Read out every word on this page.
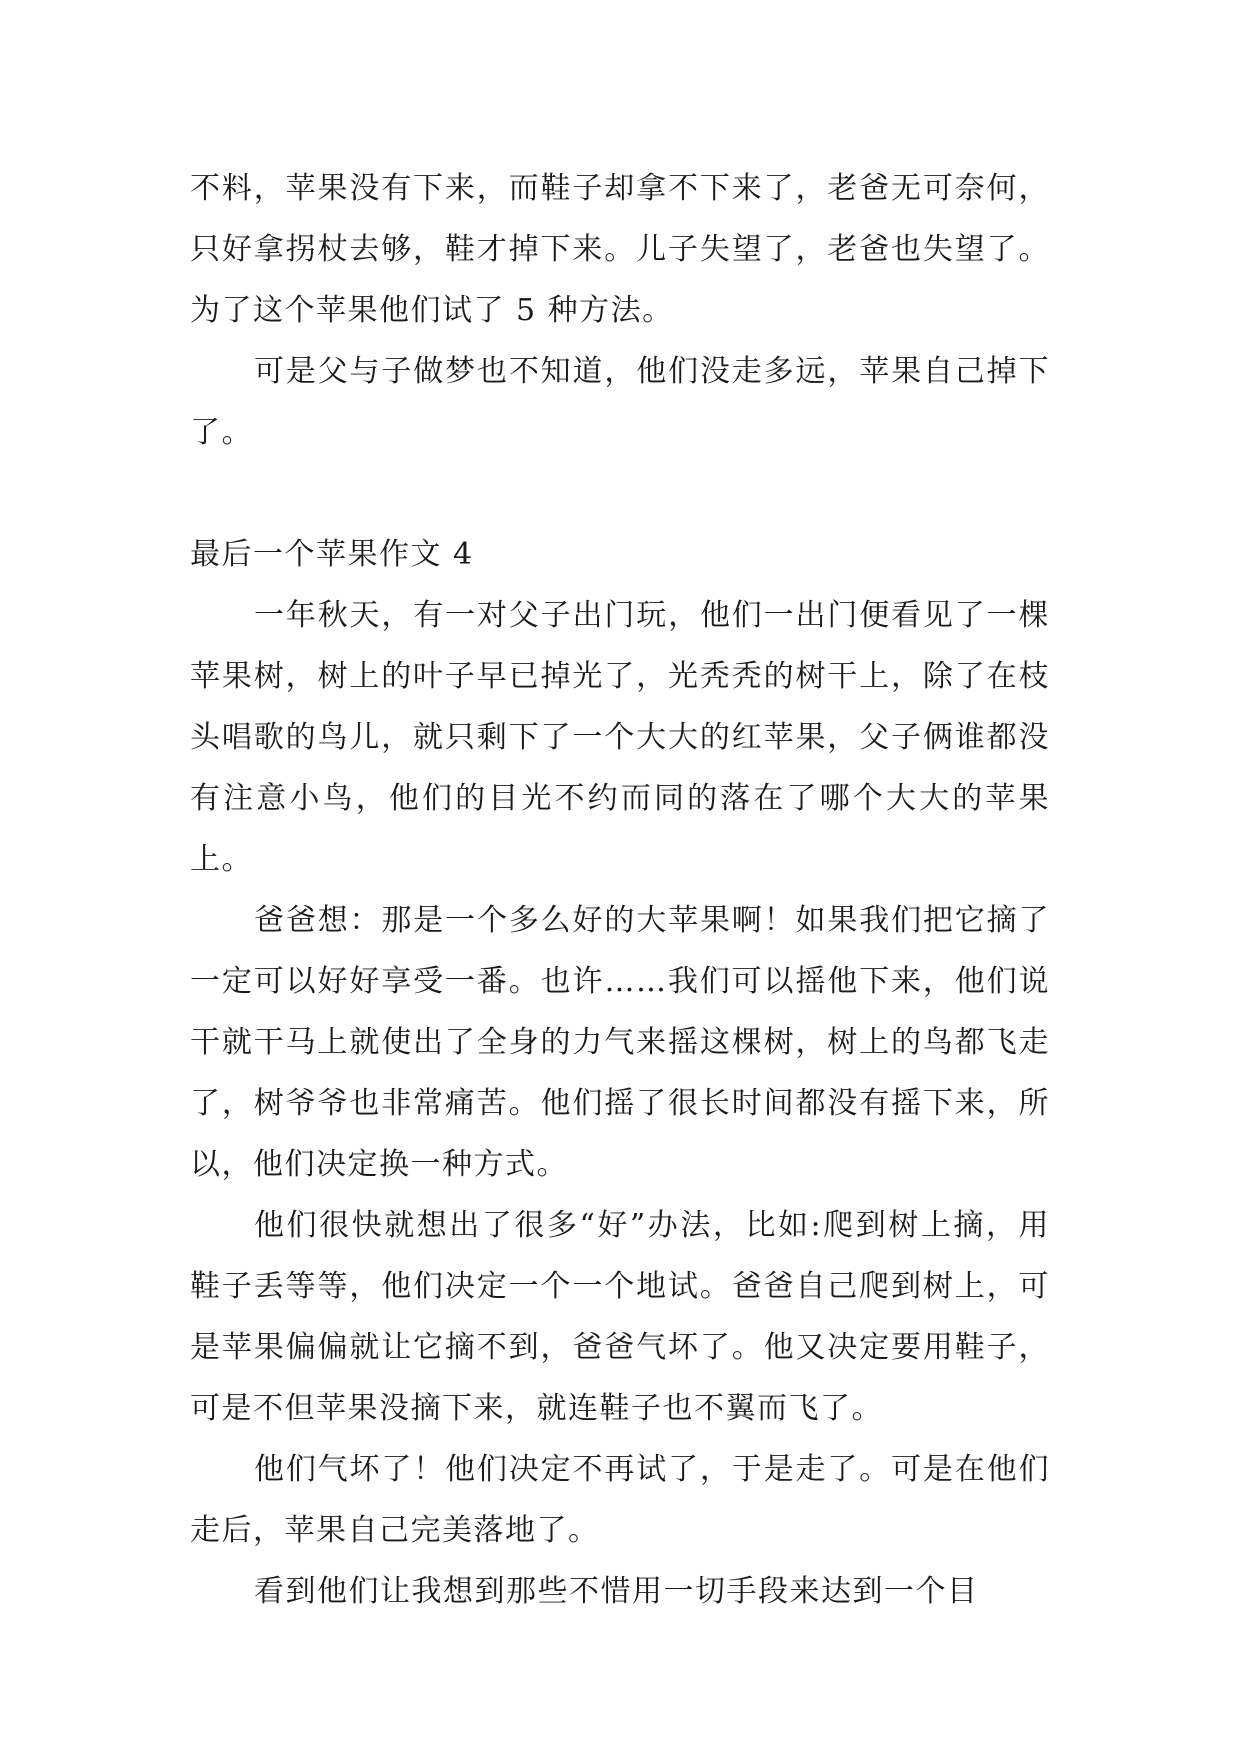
不料，苹果没有下来，而鞋子却拿不下来了，老爸无可奈何，只好拿拐杖去够，鞋才掉下来。儿子失望了，老爸也失望了。为了这个苹果他们试了 5 种方法。

可是父与子做梦也不知道，他们没走多远，苹果自己掉下了。

最后一个苹果作文 4

一年秋天，有一对父子出门玩，他们一出门便看见了一棵苹果树，树上的叶子早已掉光了，光秃秃的树干上，除了在枝头唱歌的鸟儿，就只剩下了一个大大的红苹果，父子俩谁都没有注意小鸟，他们的目光不约而同的落在了哪个大大的苹果上。

爸爸想：那是一个多么好的大苹果啊！如果我们把它摘了一定可以好好享受一番。也许……我们可以摇他下来，他们说干就干马上就使出了全身的力气来摇这棵树，树上的鸟都飞走了，树爷爷也非常痛苦。他们摇了很长时间都没有摇下来，所以，他们决定换一种方式。

他们很快就想出了很多“好”办法，比如:爬到树上摘，用鞋子丢等等，他们决定一个一个地试。爸爸自己爬到树上，可是苹果偏偏就让它摘不到，爸爸气坏了。他又决定要用鞋子，可是不但苹果没摘下来，就连鞋子也不翼而飞了。

他们气坏了！他们决定不再试了，于是走了。可是在他们走后，苹果自己完美落地了。

看到他们让我想到那些不惜用一切手段来达到一个目
